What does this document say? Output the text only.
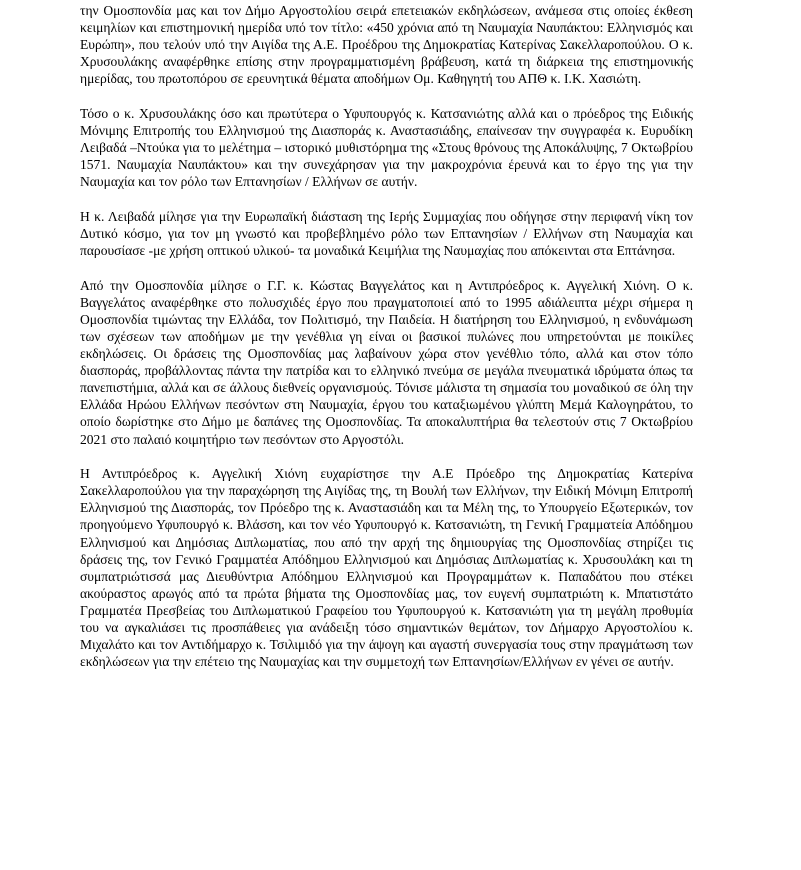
την Ομοσπονδία μας και τον Δήμο Αργοστολίου σειρά επετειακών εκδηλώσεων, ανάμεσα στις οποίες έκθεση κειμηλίων και επιστημονική ημερίδα υπό τον τίτλο: «450 χρόνια από τη Ναυμαχία Ναυπάκτου: Ελληνισμός και Ευρώπη», που τελούν υπό την Αιγίδα της Α.Ε. Προέδρου της Δημοκρατίας Κατερίνας Σακελλαροπούλου. Ο κ. Χρυσουλάκης αναφέρθηκε επίσης στην προγραμματισμένη βράβευση, κατά τη διάρκεια της επιστημονικής ημερίδας, του πρωτοπόρου σε ερευνητικά θέματα αποδήμων Ομ. Καθηγητή του ΑΠΘ κ. Ι.Κ. Χασιώτη.

Τόσο ο κ. Χρυσουλάκης όσο και πρωτύτερα ο Υφυπουργός κ. Κατσανιώτης αλλά και ο πρόεδρος της Ειδικής Μόνιμης Επιτροπής του Ελληνισμού της Διασποράς κ. Αναστασιάδης, επαίνεσαν την συγγραφέα κ. Ευρυδίκη Λειβαδά –Ντούκα για το μελέτημα – ιστορικό μυθιστόρημα της «Στους θρόνους της Αποκάλυψης, 7 Οκτωβρίου 1571. Ναυμαχία Ναυπάκτου» και την συνεχάρησαν για την μακροχρόνια έρευνά και το έργο της για την Ναυμαχία και τον ρόλο των Επτανησίων / Ελλήνων σε αυτήν.

Η κ. Λειβαδά μίλησε για την Ευρωπαϊκή διάσταση της Ιερής Συμμαχίας που οδήγησε στην περιφανή νίκη τον Δυτικό κόσμο, για τον μη γνωστό και προβεβλημένο ρόλο των Επτανησίων / Ελλήνων στη Ναυμαχία και παρουσίασε -με χρήση οπτικού υλικού- τα μοναδικά Κειμήλια της Ναυμαχίας που απόκεινται στα Επτάνησα.

Από την Ομοσπονδία μίλησε ο Γ.Γ. κ. Κώστας Βαγγελάτος και η Αντιπρόεδρος κ. Αγγελική Χιόνη. Ο κ. Βαγγελάτος αναφέρθηκε στο πολυσχιδές έργο που πραγματοποιεί από το 1995 αδιάλειπτα μέχρι σήμερα η Ομοσπονδία τιμώντας την Ελλάδα, τον Πολιτισμό, την Παιδεία. Η διατήρηση του Ελληνισμού, η ενδυνάμωση των σχέσεων των αποδήμων με την γενέθλια γη είναι οι βασικοί πυλώνες που υπηρετούνται με ποικίλες εκδηλώσεις. Οι δράσεις της Ομοσπονδίας μας λαβαίνουν χώρα στον γενέθλιο τόπο, αλλά και στον τόπο διασποράς, προβάλλοντας πάντα την πατρίδα και το ελληνικό πνεύμα σε μεγάλα πνευματικά ιδρύματα όπως τα πανεπιστήμια, αλλά και σε άλλους διεθνείς οργανισμούς. Τόνισε μάλιστα τη σημασία του μοναδικού σε όλη την Ελλάδα Ηρώου Ελλήνων πεσόντων στη Ναυμαχία, έργου του καταξιωμένου γλύπτη Μεμά Καλογηράτου, το οποίο δωρίστηκε στο Δήμο με δαπάνες της Ομοσπονδίας. Τα αποκαλυπτήρια θα τελεστούν στις 7 Οκτωβρίου 2021 στο παλαιό κοιμητήριο των πεσόντων στο Αργοστόλι.

Η Αντιπρόεδρος κ. Αγγελική Χιόνη ευχαρίστησε την Α.Ε Πρόεδρο της Δημοκρατίας Κατερίνα Σακελλαροπούλου για την παραχώρηση της Αιγίδας της, τη Βουλή των Ελλήνων, την Ειδική Μόνιμη Επιτροπή Ελληνισμού της Διασποράς, τον Πρόεδρο της κ. Αναστασιάδη και τα Μέλη της, το Υπουργείο Εξωτερικών, τον προηγούμενο Υφυπουργό κ. Βλάσση, και τον νέο Υφυπουργό κ. Κατσανιώτη, τη Γενική Γραμματεία Απόδημου Ελληνισμού και Δημόσιας Διπλωματίας, που από την αρχή της δημιουργίας της Ομοσπονδίας στηρίζει τις δράσεις της, τον Γενικό Γραμματέα Απόδημου Ελληνισμού και Δημόσιας Διπλωματίας κ. Χρυσουλάκη και τη συμπατριώτισσά μας Διευθύντρια Απόδημου Ελληνισμού και Προγραμμάτων κ. Παπαδάτου που στέκει ακούραστος αρωγός από τα πρώτα βήματα της Ομοσπονδίας μας, τον ευγενή συμπατριώτη κ. Μπατιστάτο Γραμματέα Πρεσβείας του Διπλωματικού Γραφείου του Υφυπουργού κ. Κατσανιώτη για τη μεγάλη προθυμία του να αγκαλιάσει τις προσπάθειες για ανάδειξη τόσο σημαντικών θεμάτων, τον Δήμαρχο Αργοστολίου κ. Μιχαλάτο και τον Αντιδήμαρχο κ. Τσιλιμιδό για την άψογη και αγαστή συνεργασία τους στην πραγμάτωση των εκδηλώσεων για την επέτειο της Ναυμαχίας και την συμμετοχή των Επτανησίων/Ελλήνων εν γένει σε αυτήν.
